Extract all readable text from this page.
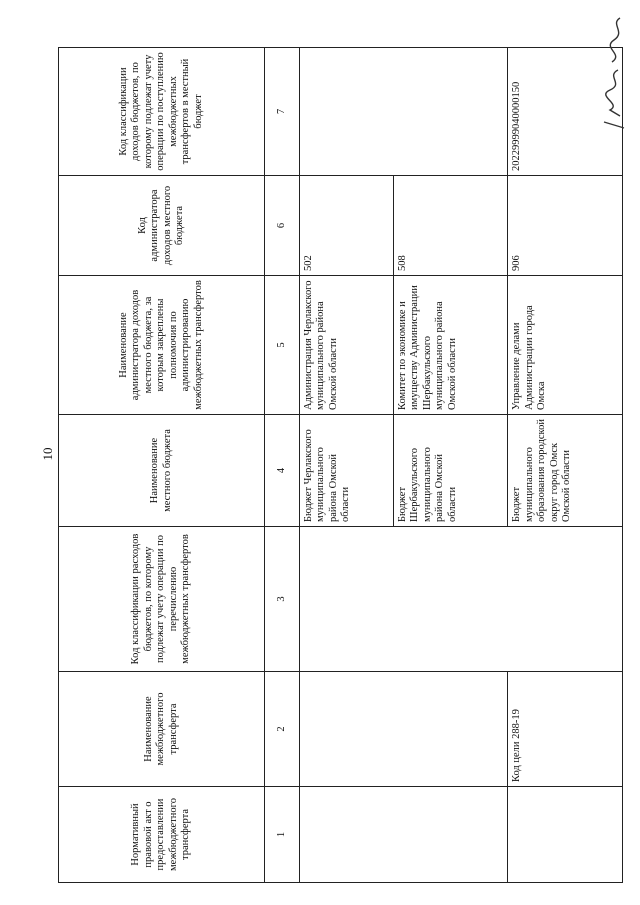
10
Нормативный правовой акт о предоставлении межбюджетного трансферта	Наименование межбюджетного трансферта	Код классификации расходов бюджетов, по которому подлежат учету операции по перечислению межбюджетных трансфертов	Наименование местного бюджета	Наименование администратора доходов местного бюджета, за которым закреплены полномочия по администрированию межбюджетных трансфертов	Код администратора доходов местного бюджета	Код классификации доходов бюджетов, по которому подлежат учету операции по поступлению межбюджетных трансфертов в местный бюджет
1	2	3	4	5	6	7
			Бюджет Черлакского муниципального района Омской области	Администрация Черлакского муниципального района Омской области	502	
			Бюджет Шербакульского муниципального района Омской области	Комитет по экономике и имуществу Администрации Шербакульского муниципального района Омской области	508	
	Код цели 288-19		Бюджет муниципального образования городской округ город Омск Омской области	Управление делами Администрации города Омска	906	20229999040000150
